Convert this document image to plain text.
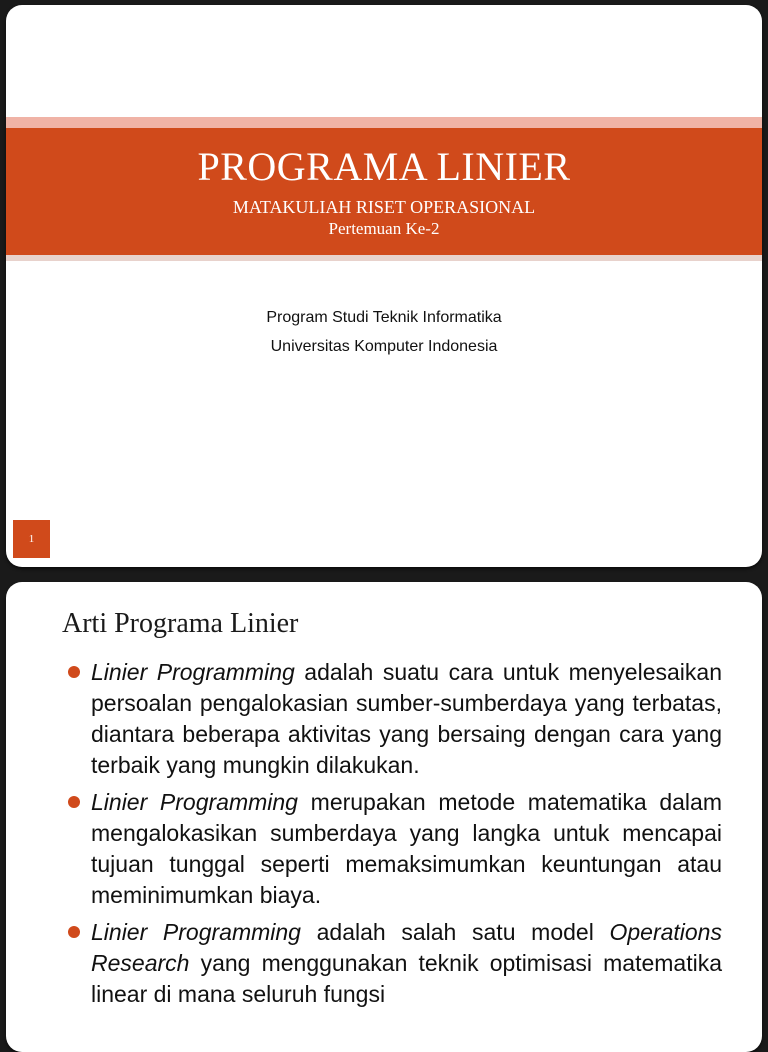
PROGRAMA LINIER
MATAKULIAH RISET OPERASIONAL
Pertemuan Ke-2
Program Studi Teknik Informatika
Universitas Komputer Indonesia
1
Arti Programa Linier
Linier Programming adalah suatu cara untuk menyelesaikan persoalan pengalokasian sumber-sumberdaya yang terbatas, diantara beberapa aktivitas yang bersaing dengan cara yang terbaik yang mungkin dilakukan.
Linier Programming merupakan metode matematika dalam mengalokasikan sumberdaya yang langka untuk mencapai tujuan tunggal seperti memaksimumkan keuntungan atau meminimumkan biaya.
Linier Programming adalah salah satu model Operations Research yang menggunakan teknik optimisasi matematika linear di mana seluruh fungsi
